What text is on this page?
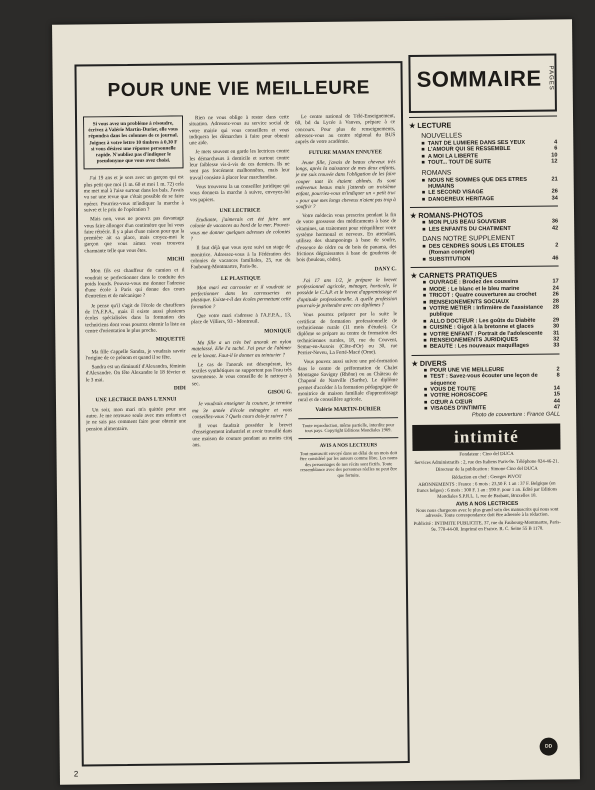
POUR UNE VIE MEILLEURE
Si vous avez un problème à résoudre, écrivez à Valérie Martin-Durier, elle vous répondra dans les colonnes de ce journal. Joignez à votre lettre 10 timbres à 0,30 F si vous désirez une réponse personnelle rapide. N'oubliez pas d'indiquer le pseudonyme que vous avez choisi.

J'ai 19 ans et je sors avec un garçon qui est plus petit que moi (1 m. 60 et moi 1 m. 72) cela me met mal à l'aise surtout dans les bals. J'avais vu sur une revue que c'était possible de se faire opérer. Pourriez-vous m'indiquer la marche à suivre et le prix de l'opération ?

Mais non, vous ne pouvez pas davantage vous faire allonger d'un centimètre que lui vous faire rétrécir. Il y a plus d'une raison pour que la première ait sa place, mais croyez-moi le garçon que vous aimez vous trouvera charmante telle que vous êtes.

MICHI

Mon fils est chauffeur de camion et il voudrait se perfectionner dans le conduite des poids lourds. Pouvez-vous me donner l'adresse d'une école à Paris qui donne des cours d'entretien et de mécanique ?

Je pense qu'il s'agit de l'école de chauffeurs de l'A.F.P.A., mais il existe aussi plusieurs écoles spécialisées dans la formation des techniciens dont vous pourrez obtenir la liste au centre d'orientation le plus proche.

MIQUETTE

Ma fille s'appelle Sandra, je voudrais savoir l'origine de ce prénom et quand il se fête.

Sandra est un diminutif d'Alexandra, féminin d'Alexandre. On fête Alexandre le 18 février et le 3 mai.

DIDI

UNE LECTRICE DANS L'ENNUI

Un soir, mon mari m'a quittée pour une autre. Je me retrouve seule avec mes enfants et je ne sais pas comment faire pour obtenir une pension alimentaire.

Rien ne vous oblige à rester dans cette situation. Adressez-vous au service social de votre mairie qui vous conseillera et vous indiquera les démarches à faire pour obtenir une aide.

Je mets souvent en garde les lectrices contre les démarcheurs à domicile et surtout contre leur faiblesse vis-à-vis de ces derniers. Ils ne sont pas forcément malhonnêtes, mais leur travail consiste à placer leur marchandise.

Vous trouverez la un conseiller juridique qui vous donnera la marche à suivre, envoyez-lui vos papiers.

UNE LECTRICE

Etudiante, j'aimerais cet été faire une colonie de vacances au bord de la mer. Pouvez-vous me donner quelques adresses de colonies ?

Il faut déjà que vous ayez suivi un stage de monitrice. Adressez-vous à la Fédération des colonies de vacances familiales, 25, rue du Faubourg-Montmartre, Paris-9e.

LE PLASTIQUE

Mon mari est carrossier et il voudrait se perfectionner dans les carrosseries en plastique. Existe-t-il des écoles permettant cette formation ?

Que votre mari s'adresse à l'A.F.P.A., 13, place de Villiers, 93 - Montreuil.

MONIQUE

Ma fille a un très bel anorak en nylon matelassé. Elle l'a taché. J'ai peur de l'abîmer en le lavant. Faut-il le donner au teinturier ?

Le cas de l'anorak est désespérant, les textiles synthétiques ne supportent pas l'eau très savonneuse. Je vous conseille de le nettoyer à sec.

GISOU G.

Je voudrais enseigner la couture, je termine ma 3e année d'école ménagère et vous conseillez-vous ? Quels cours dois-je suivre ?

Il vous faudrait posséder le brevet d'enseignement industriel et avoir travaillé dans une maison de couture pendant au moins cinq ans.

Le centre national de Télé-Enseignement, 60, bd du Lycée à Vanves, prépare à ce concours. Pour plus de renseignements, adressez-vous au centre régional du BUS auprès de votre académie.

FUTURE MAMAN ENNUYEE

Jeune fille, j'avais de beaux cheveux très longs, après la naissance de mes deux enfants, je me suis trouvée dans l'obligation de les faire couper tant ils étaient abîmés. Ils sont redevenus beaux mais j'attends un troisième enfant, pourriez-vous m'indiquer un « petit truc » pour que mes longs cheveux n'aient pas trop à souffrir ?

Votre médecin vous prescrira pendant la fin de votre grossesse des médicaments à base de vitamines, un traitement pour rééquilibrer votre système hormonal et nerveux. En attendant, utilisez des shampooings à base de soufre, d'essence de cèdre ou de bois de panama, des frictions dégraissantes à base de goudrons de bois (bouleau, cèdre).

DANY C.

J'ai 17 ans 1/2, je prépare le brevet professionnel agricole, ménager, horticole, le possède le C.A.P. et le brevet d'apprentissage et d'aptitude professionnelle. A quelle profession pourrais-je prétendre avec ces diplômes ?

Vous pourrez préparer par la suite le certificat de formation professionnelle de technicienne rurale (11 mois d'études). Ce diplôme se prépare au centre de formation des techniciennes rurales, 18, rue du Couvent, Semur-en-Auxois (Côte-d'Or) ou 30, rue Perrier-Neveu, La Ferté-Macé (Orne).

Vous pouvez aussi suivre une pré-formation dans le centre de préformation de Chalet Montagne Savigny (Rhône) ou au Château de Chaponé de Nanville (Sarthe). Le diplôme permet d'accéder à la formation pédagogique de monitrice de maison familiale d'apprentissage rural et de conseillère agricole.

Valérie MARTIN-DURIER

Toute reproduction, même partielle, interdite pour tous pays. Copyright Editions Mondiales 1969.

AVIS A NOS LECTEURS

Tout manuscrit envoyé dans un délai de un mois doit être considéré par les auteurs comme libre. Les noms des personnages de nos récits sont fictifs. Toute ressemblance avec des personnes réelles ne peut être que fortuite.

2
SOMMAIRE PAGES
★ LECTURE
NOUVELLES
■ TANT DE LUMIERE DANS SES YEUX	4
■ L'AMOUR QUI SE RESSEMBLE	6
■ A MOI LA LIBERTE	10
■ TOUT... TOUT DE SUITE	12
ROMANS
■ NOUS NE SOMMES QUE DES ETRES HUMAINS
21
■ LE SECOND VISAGE	26
■ DANGEREUX HERITAGE	34
★ ROMANS-PHOTOS
■ MON PLUS BEAU SOUVENIR	36
■ LES ENFANTS DU CHATIMENT	42
DANS NOTRE SUPPLEMENT
■ DES CENDRES SOUS LES ETOILES (Roman complet)
2
■ SUBSTITUTION	46
★ CARNETS PRATIQUES
■ OUVRAGE : Brodez des coussins	17
■ MODE : Le blanc et le bleu marine	24
■ TRICOT : Quatre couvertures au crochet	26
■ RENSEIGNEMENTS SOCIAUX	28
■ VOTRE METIER : Infirmière de l'assistance publique
28
■ ALLO DOCTEUR : Les goûts du Diabète	29
■ CUISINE : Gigot à la bretonne et glaces	30
■ VOTRE ENFANT : Portrait de l'adolescente	31
■ RENSEIGNEMENTS JURIDIQUES	32
■ BEAUTE : Les nouveaux maquillages	33
★ DIVERS
■ POUR UNE VIE MEILLEURE	2
■ TEST : Savez-vous écouter une leçon de séquence
8
■ VOUS DE TOUTE	14
■ VOTRE HOROSCOPE	15
■ CŒUR A CŒUR	44
■ VISAGES D'INTIMITE	47
Photo de couverture : France GALL
intimité

Fondateur : Cino del DUCA

Services Administratifs : 2, rue des Italiens Paris-9e. Téléphone 824-46-21.

Directeur de la publication : Simone Cino del DUCA

Rédaction en chef : Georges PIVOT

ABONNEMENTS : France : 6 mois : 23,50 F. 1 an : 37 F. Belgique (en francs belges) : 6 mois : 300 F. 1 an : 590 F. pour 1 an. Edité par Editions Mondiales S.P.R.L. 1, rue de Brabant, Bruxelles 18.

AVIS A NOS LECTRICES

Nous nous chargeons avec le plus grand soin des manuscrits qui nous sont adressés. Toute correspondance doit être adressée à la rédaction.

Publicité : INTIMITE PUBLICITE, 37, rue du Faubourg-Montmartre, Paris-9e. 770-44-00. Imprimé en France. R. C. Seine 55 B 1178.

DD
